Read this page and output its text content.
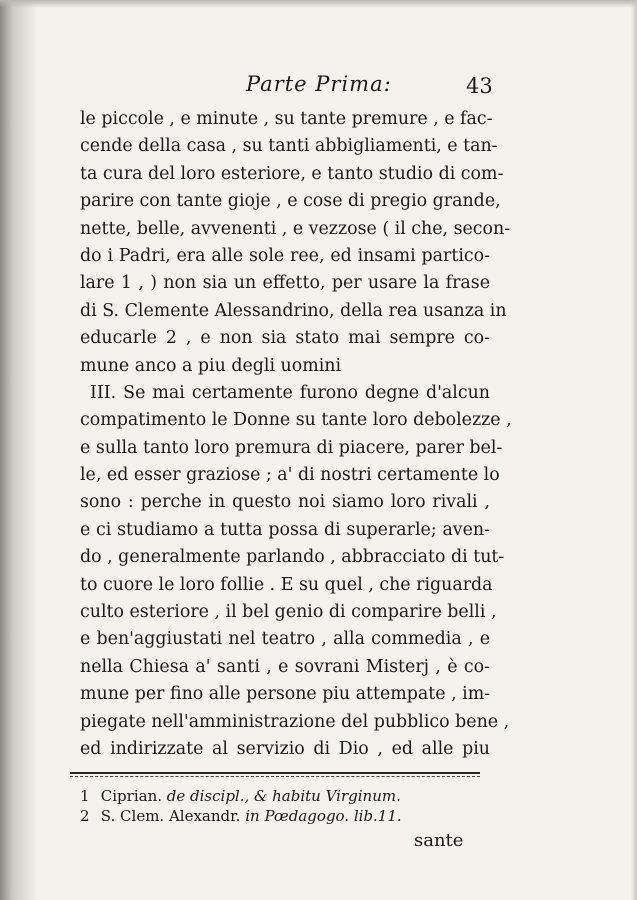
Parte Prima:	43
le piccole , e minute , su tante premure , e fac-
cende della casa , su tanti abbigliamenti, e tan-
ta cura del loro esteriore, e tanto studio di com-
parire con tante gioje , e cose di pregio grande,
nette, belle, avvenenti , e vezzose ( il che, secon-
do i Padri, era alle sole ree, ed insami partico-
lare 1 , ) non sia un effetto, per usare la frase
di S. Clemente Alessandrino, della rea usanza in
educarle 2 , e non sia stato mai sempre co-
mune anco a piu degli uomini
III. Se mai certamente furono degne d'alcun
compatimento le Donne su tante loro debolezze ,
e sulla tanto loro premura di piacere, parer bel-
le, ed esser graziose ; a' di nostri certamente lo
sono : perche in questo noi siamo loro rivali ,
e ci studiamo a tutta possa di superarle; aven-
do , generalmente parlando , abbracciato di tut-
to cuore le loro follie . E su quel , che riguarda
culto esteriore , il bel genio di comparire belli ,
e ben'aggiustati nel teatro , alla commedia , e
nella Chiesa a' santi , e sovrani Misterj , è co-
mune per fino alle persone piu attempate , im-
piegate nell'amministrazione del pubblico bene ,
ed indirizzate al servizio di Dio , ed alle piu
1 Ciprian. de discipl., & habitu Virginum.
2 S. Clem. Alexandr. in Pœdagogo. lib.11.
sante
